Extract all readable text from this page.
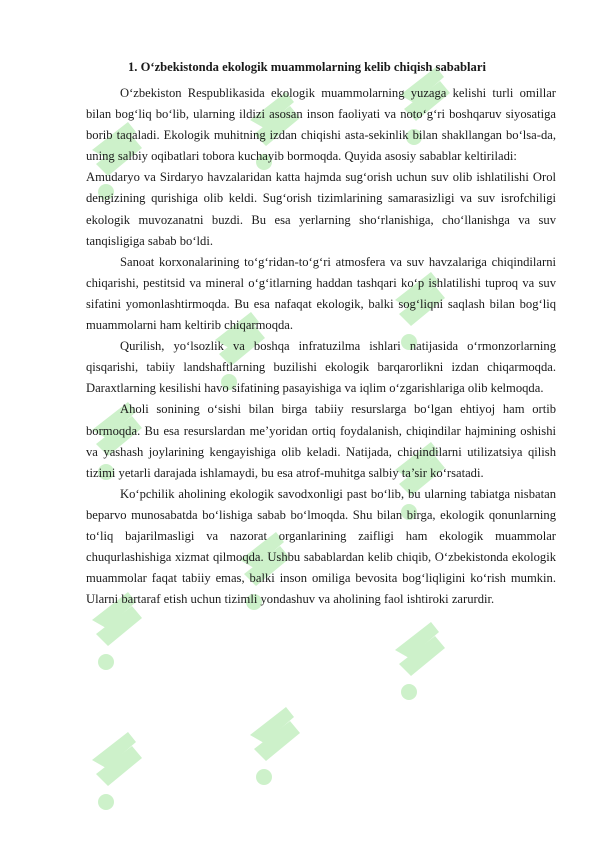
1. O‘zbekistonda ekologik muammolarning kelib chiqish sabablari

O‘zbekiston Respublikasida ekologik muammolarning yuzaga kelishi turli omillar bilan bog‘liq bo‘lib, ularning ildizi asosan inson faoliyati va noto‘g‘ri boshqaruv siyosatiga borib taqaladi. Ekologik muhitning izdan chiqishi asta-sekinlik bilan shakllangan bo‘lsa-da, uning salbiy oqibatlari tobora kuchayib bormoqda. Quyida asosiy sabablar keltiriladi:

Amudaryo va Sirdaryo havzalaridan katta hajmda sug‘orish uchun suv olib ishlatilishi Orol dengizining qurishiga olib keldi. Sug‘orish tizimlarining samarasizligi va suv isrofchiligi ekologik muvozanatni buzdi. Bu esa yerlarning sho‘rlanishiga, cho‘llanishga va suv tanqisligiga sabab bo‘ldi.

Sanoat korxonalarining to‘g‘ridan-to‘g‘ri atmosfera va suv havzalariga chiqindilarni chiqarishi, pestitsid va mineral o‘g‘itlarning haddan tashqari ko‘p ishlatilishi tuproq va suv sifatini yomonlashtirmoqda. Bu esa nafaqat ekologik, balki sog‘liqni saqlash bilan bog‘liq muammolarni ham keltirib chiqarmoqda.

Qurilish, yo‘lsozlik va boshqa infratuzilma ishlari natijasida o‘rmonzorlarning qisqarishi, tabiiy landshaftlarning buzilishi ekologik barqarorlikni izdan chiqarmoqda. Daraxtlarning kesilishi havo sifatining pasayishiga va iqlim o‘zgarishlariga olib kelmoqda.

Aholi sonining o‘sishi bilan birga tabiiy resurslarga bo‘lgan ehtiyoj ham ortib bormoqda. Bu esa resurslardan me’yoridan ortiq foydalanish, chiqindilar hajmining oshishi va yashash joylarining kengayishiga olib keladi. Natijada, chiqindilarni utilizatsiya qilish tizimi yetarli darajada ishlamaydi, bu esa atrof-muhitga salbiy ta’sir ko‘rsatadi.

Ko‘pchilik aholining ekologik savodxonligi past bo‘lib, bu ularning tabiatga nisbatan beparvo munosabatda bo‘lishiga sabab bo‘lmoqda. Shu bilan birga, ekologik qonunlarning to‘liq bajarilmasligi va nazorat organlarining zaifligi ham ekologik muammolar chuqurlashishiga xizmat qilmoqda. Ushbu sabablardan kelib chiqib, O‘zbekistonda ekologik muammolar faqat tabiiy emas, balki inson omiliga bevosita bog‘liqligini ko‘rish mumkin. Ularni bartaraf etish uchun tizimli yondashuv va aholining faol ishtiroki zarurdir.
